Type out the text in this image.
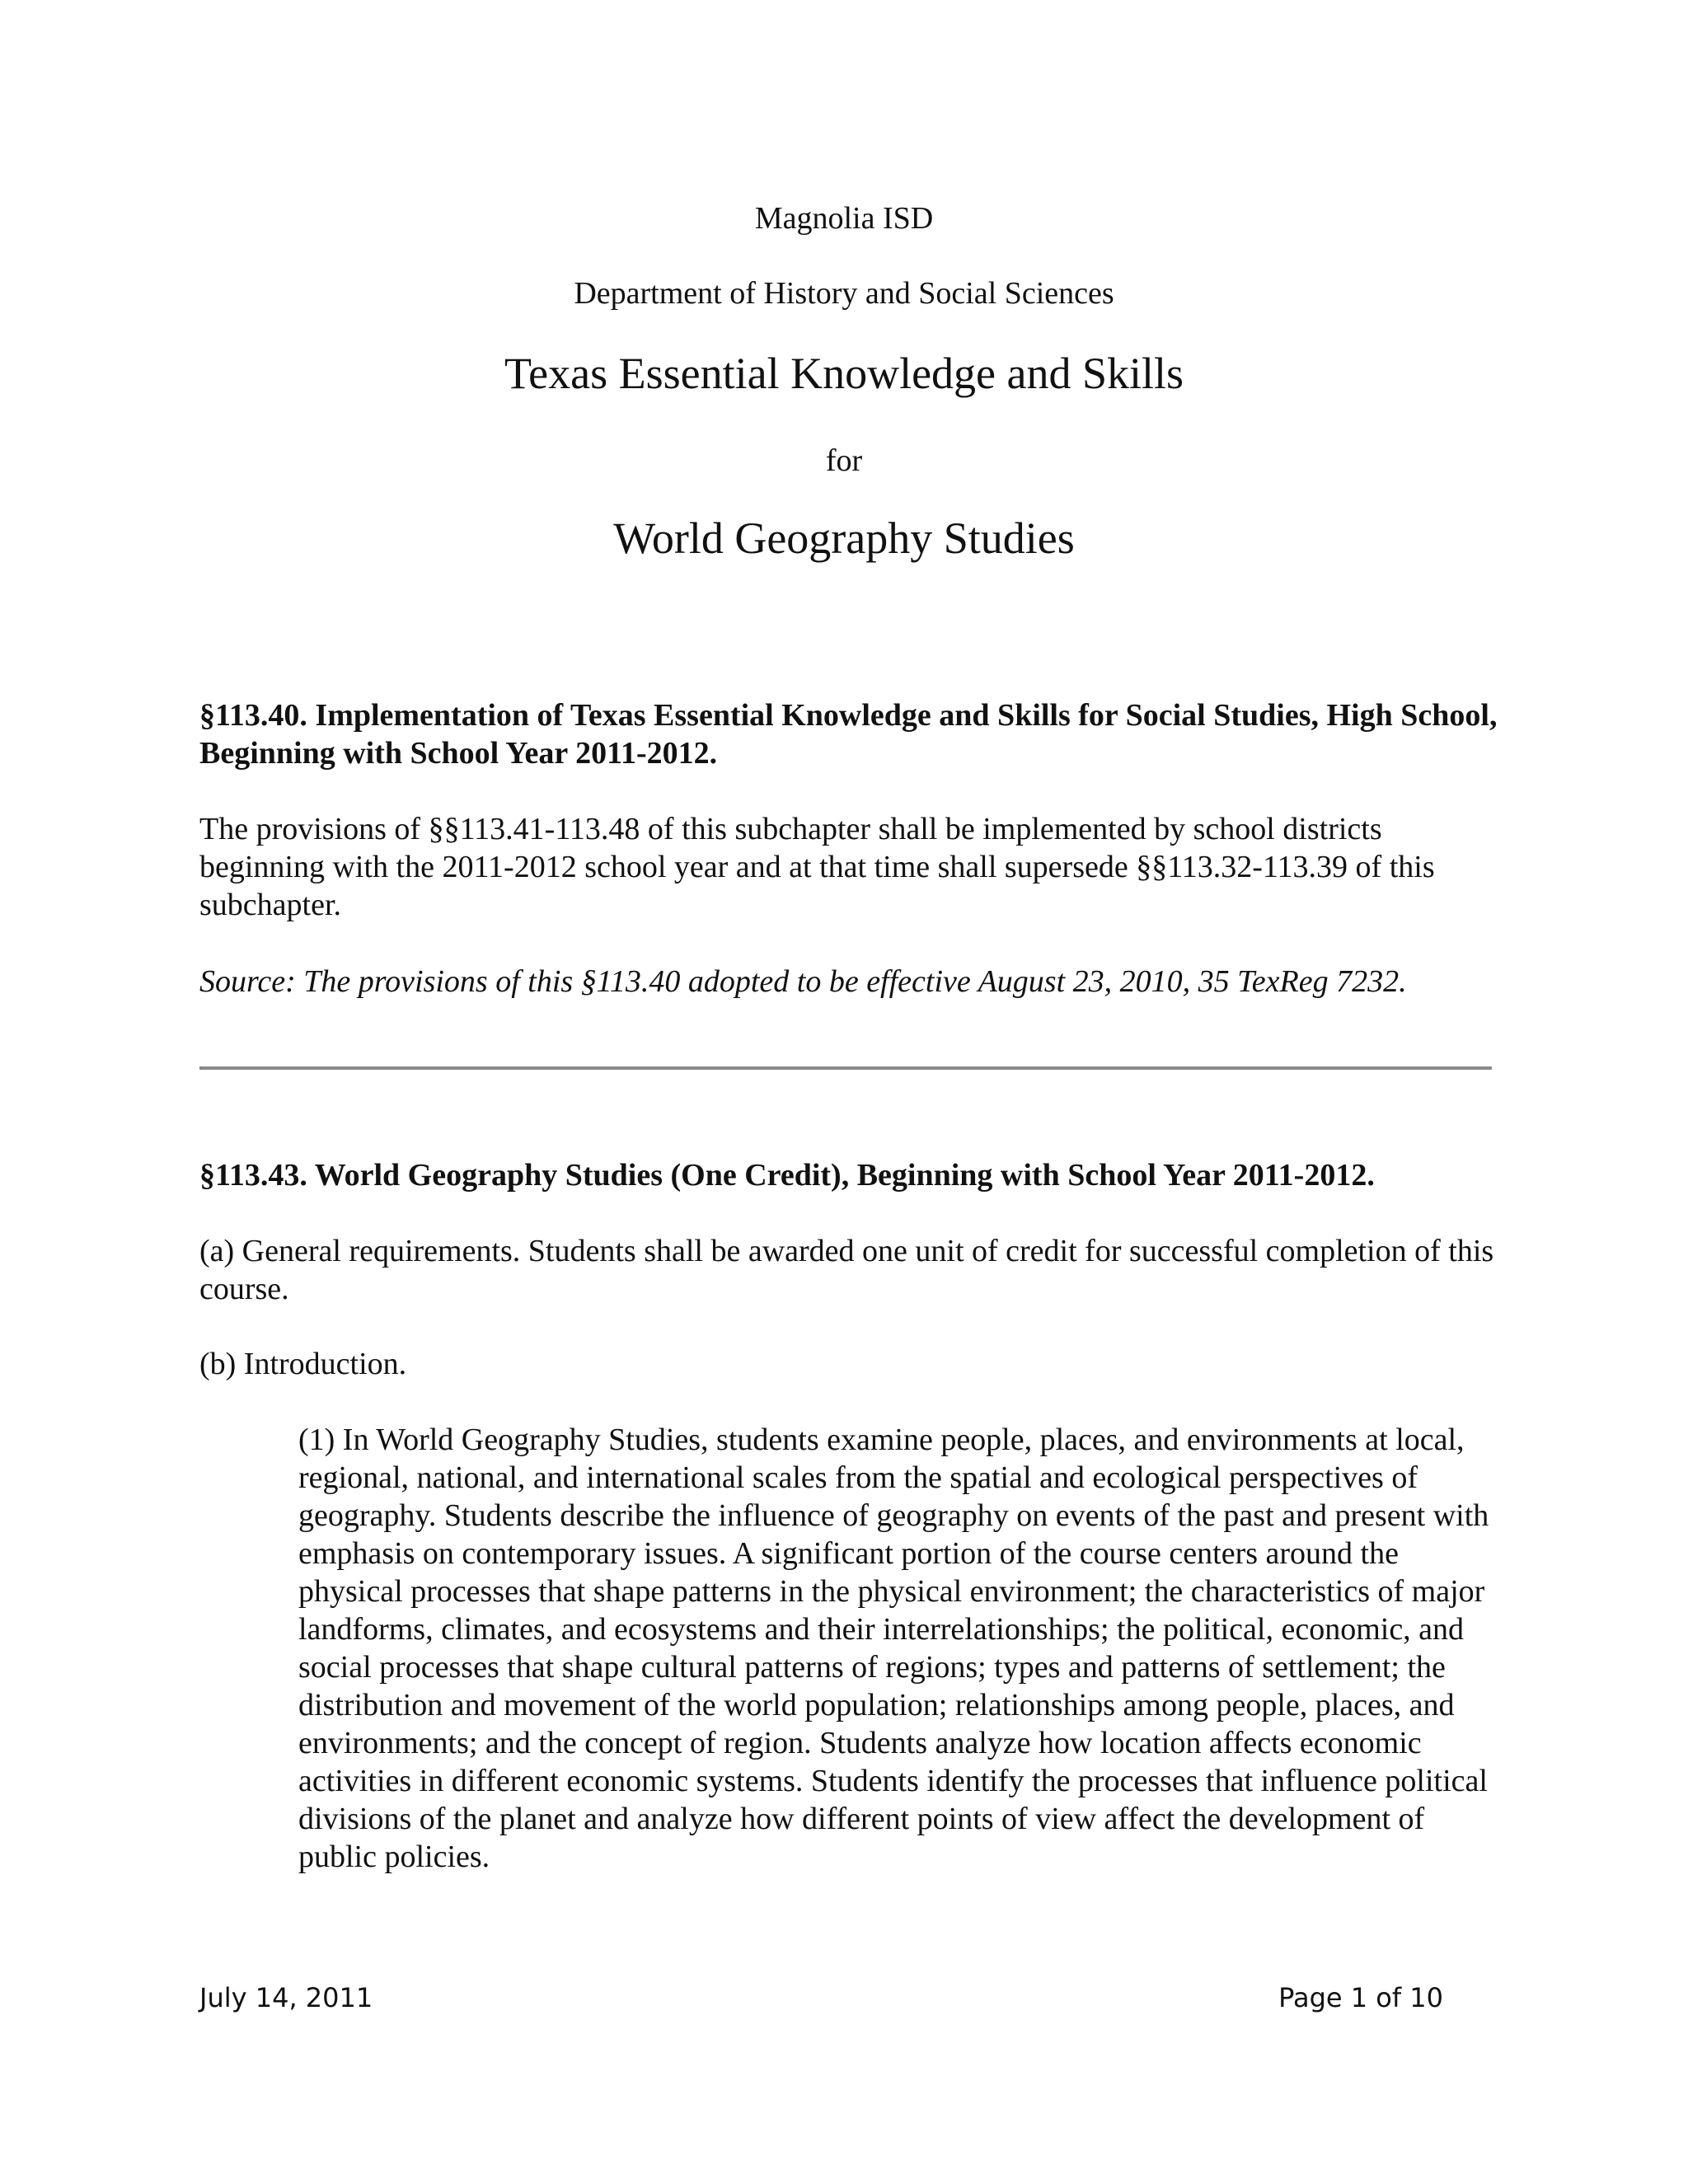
Magnolia ISD
Department of History and Social Sciences
Texas Essential Knowledge and Skills
for
World Geography Studies
§113.40. Implementation of Texas Essential Knowledge and Skills for Social Studies, High School, Beginning with School Year 2011-2012.
The provisions of §§113.41-113.48 of this subchapter shall be implemented by school districts beginning with the 2011-2012 school year and at that time shall supersede §§113.32-113.39 of this subchapter.
Source: The provisions of this §113.40 adopted to be effective August 23, 2010, 35 TexReg 7232.
§113.43. World Geography Studies (One Credit), Beginning with School Year 2011-2012.
(a) General requirements. Students shall be awarded one unit of credit for successful completion of this course.
(b) Introduction.
(1) In World Geography Studies, students examine people, places, and environments at local, regional, national, and international scales from the spatial and ecological perspectives of geography. Students describe the influence of geography on events of the past and present with emphasis on contemporary issues. A significant portion of the course centers around the physical processes that shape patterns in the physical environment; the characteristics of major landforms, climates, and ecosystems and their interrelationships; the political, economic, and social processes that shape cultural patterns of regions; types and patterns of settlement; the distribution and movement of the world population; relationships among people, places, and environments; and the concept of region. Students analyze how location affects economic activities in different economic systems. Students identify the processes that influence political divisions of the planet and analyze how different points of view affect the development of public policies.
July 14, 2011	Page 1 of 10
